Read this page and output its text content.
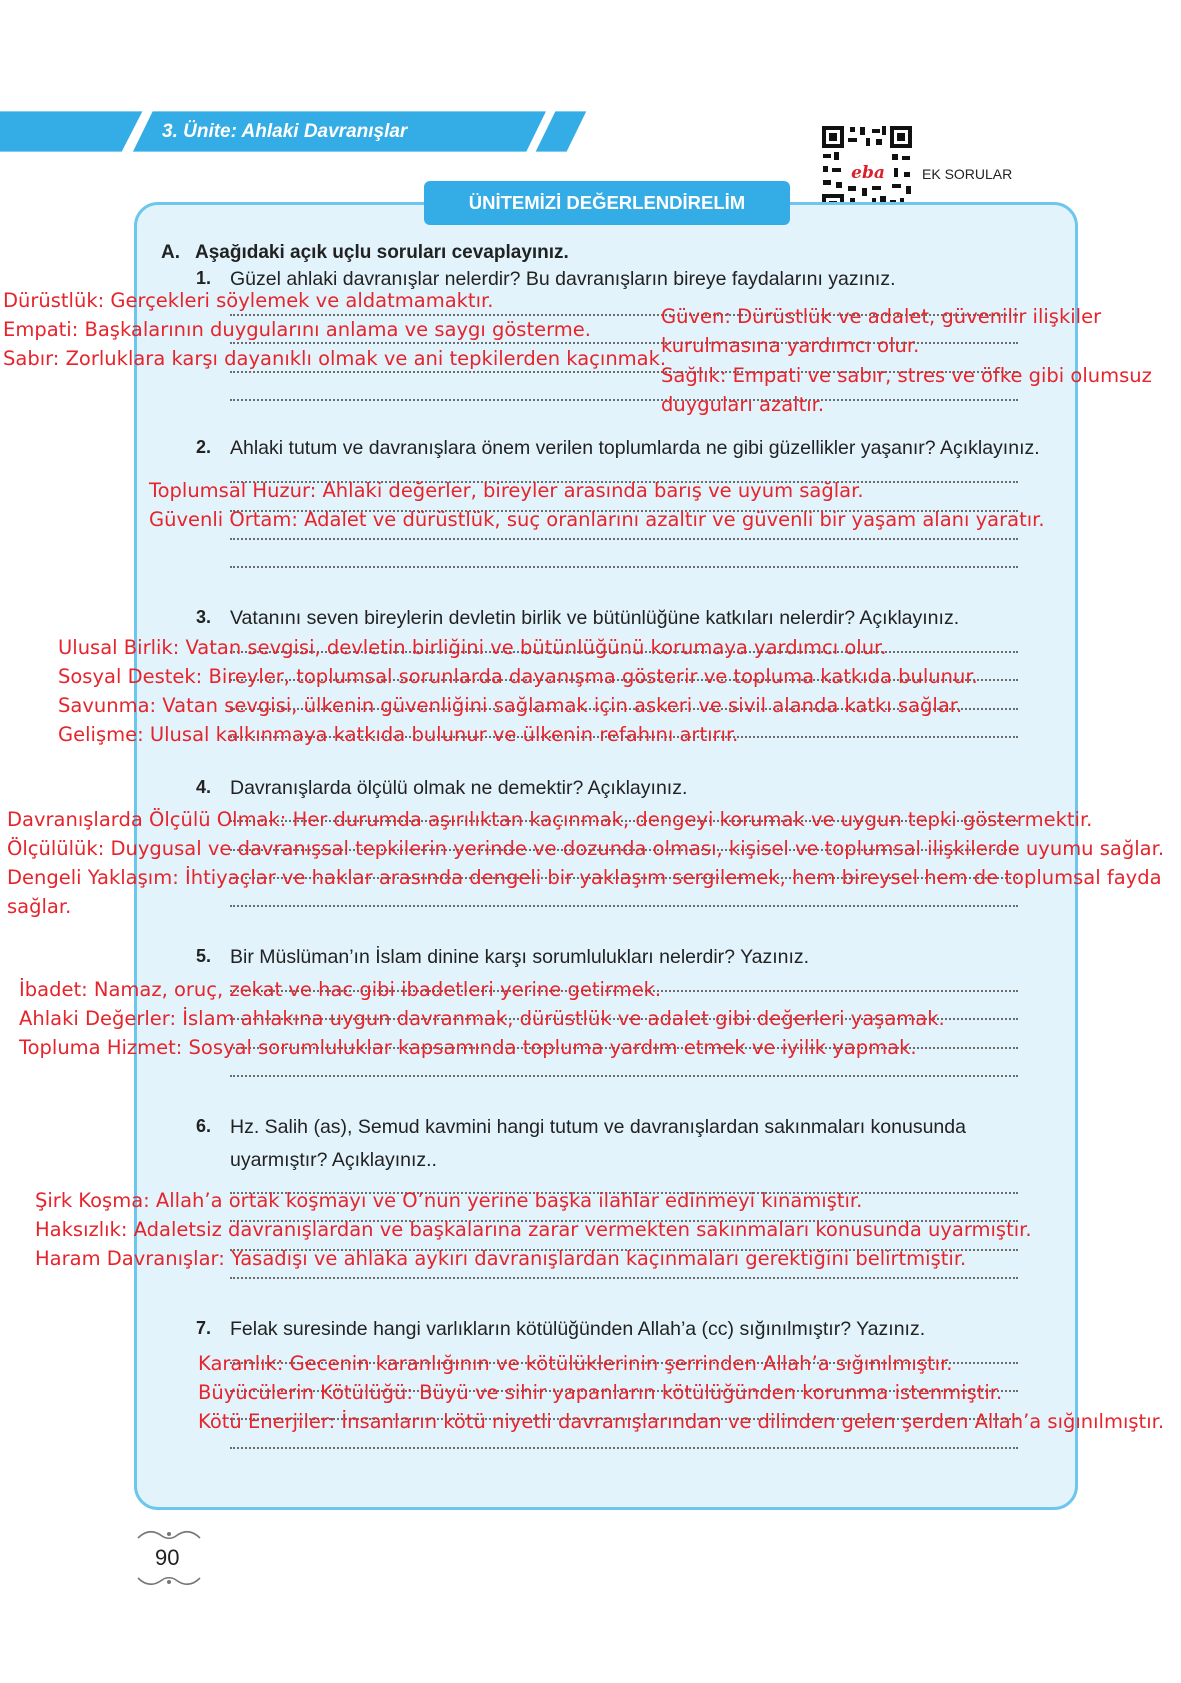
3. Ünite: Ahlaki Davranışlar
eba	EK SORULAR
ÜNİTEMİZİ DEĞERLENDİRELİM
A. Aşağıdaki açık uçlu soruları cevaplayınız.
1. Güzel ahlaki davranışlar nelerdir? Bu davranışların bireye faydalarını yazınız.
2. Ahlaki tutum ve davranışlara önem verilen toplumlarda ne gibi güzellikler yaşanır? Açıklayınız.
3. Vatanını seven bireylerin devletin birlik ve bütünlüğüne katkıları nelerdir? Açıklayınız.
4. Davranışlarda ölçülü olmak ne demektir? Açıklayınız.
5. Bir Müslüman’ın İslam dinine karşı sorumlulukları nelerdir? Yazınız.
6. Hz. Salih (as), Semud kavmini hangi tutum ve davranışlardan sakınmaları konusunda
uyarmıştır? Açıklayınız..
7. Felak suresinde hangi varlıkların kötülüğünden Allah’a (cc) sığınılmıştır? Yazınız.
Dürüstlük: Gerçekleri söylemek ve aldatmamaktır.
Empati: Başkalarının duygularını anlama ve saygı gösterme.
Sabır: Zorluklara karşı dayanıklı olmak ve ani tepkilerden kaçınmak.
Güven: Dürüstlük ve adalet, güvenilir ilişkiler
kurulmasına yardımcı olur.
Sağlık: Empati ve sabır, stres ve öfke gibi olumsuz
duyguları azaltır.
Toplumsal Huzur: Ahlaki değerler, bireyler arasında barış ve uyum sağlar.
Güvenli Ortam: Adalet ve dürüstlük, suç oranlarını azaltır ve güvenli bir yaşam alanı yaratır.
Ulusal Birlik: Vatan sevgisi, devletin birliğini ve bütünlüğünü korumaya yardımcı olur.
Sosyal Destek: Bireyler, toplumsal sorunlarda dayanışma gösterir ve topluma katkıda bulunur.
Savunma: Vatan sevgisi, ülkenin güvenliğini sağlamak için askeri ve sivil alanda katkı sağlar.
Gelişme: Ulusal kalkınmaya katkıda bulunur ve ülkenin refahını artırır.
Davranışlarda Ölçülü Olmak: Her durumda aşırılıktan kaçınmak, dengeyi korumak ve uygun tepki göstermektir.
Ölçülülük: Duygusal ve davranışsal tepkilerin yerinde ve dozunda olması, kişisel ve toplumsal ilişkilerde uyumu sağlar.
Dengeli Yaklaşım: İhtiyaçlar ve haklar arasında dengeli bir yaklaşım sergilemek, hem bireysel hem de toplumsal fayda
sağlar.
İbadet: Namaz, oruç, zekat ve hac gibi ibadetleri yerine getirmek.
Ahlaki Değerler: İslam ahlakına uygun davranmak, dürüstlük ve adalet gibi değerleri yaşamak.
Topluma Hizmet: Sosyal sorumluluklar kapsamında topluma yardım etmek ve iyilik yapmak.
Şirk Koşma: Allah’a ortak koşmayı ve O’nun yerine başka ilahlar edinmeyi kınamıştır.
Haksızlık: Adaletsiz davranışlardan ve başkalarına zarar vermekten sakınmaları konusunda uyarmıştır.
Haram Davranışlar: Yasadışı ve ahlaka aykırı davranışlardan kaçınmaları gerektiğini belirtmiştir.
Karanlık: Gecenin karanlığının ve kötülüklerinin şerrinden Allah’a sığınılmıştır.
Büyücülerin Kötülüğü: Büyü ve sihir yapanların kötülüğünden korunma istenmiştir.
Kötü Enerjiler: İnsanların kötü niyetli davranışlarından ve dilinden gelen şerden Allah’a sığınılmıştır.
90
